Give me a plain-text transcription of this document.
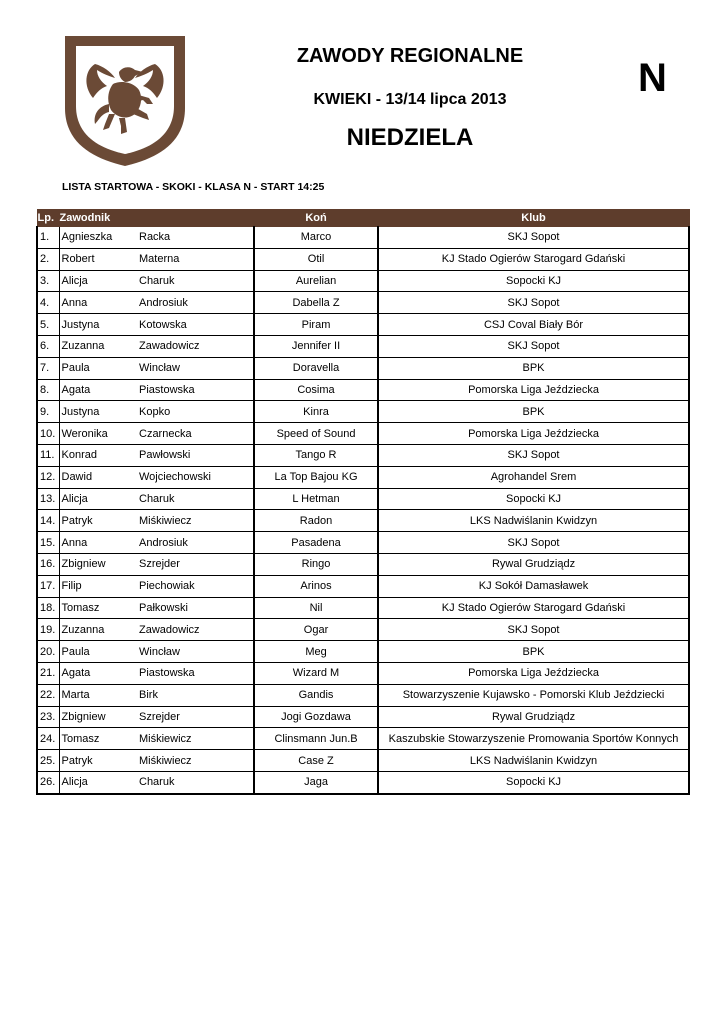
ZAWODY REGIONALNE
KWIEKI - 13/14 lipca 2013
NIEDZIELA
N
LISTA STARTOWA - SKOKI - KLASA N - START 14:25
Lp.	Zawodnik		Koń	Klub
1.	Agnieszka	Racka	Marco	SKJ Sopot
2.	Robert	Materna	Otil	KJ Stado Ogierów Starogard Gdański
3.	Alicja	Charuk	Aurelian	Sopocki KJ
4.	Anna	Androsiuk	Dabella Z	SKJ Sopot
5.	Justyna	Kotowska	Piram	CSJ Coval Biały Bór
6.	Zuzanna	Zawadowicz	Jennifer II	SKJ Sopot
7.	Paula	Wincław	Doravella	BPK
8.	Agata	Piastowska	Cosima	Pomorska Liga Jeździecka
9.	Justyna	Kopko	Kinra	BPK
10.	Weronika	Czarnecka	Speed of Sound	Pomorska Liga Jeździecka
11.	Konrad	Pawłowski	Tango R	SKJ Sopot
12.	Dawid	Wojciechowski	La Top Bajou KG	Agrohandel Srem
13.	Alicja	Charuk	L Hetman	Sopocki KJ
14.	Patryk	Miśkiwiecz	Radon	LKS Nadwiślanin Kwidzyn
15.	Anna	Androsiuk	Pasadena	SKJ Sopot
16.	Zbigniew	Szrejder	Ringo	Rywal Grudziądz
17.	Filip	Piechowiak	Arinos	KJ Sokół Damasławek
18.	Tomasz	Pałkowski	Nil	KJ Stado Ogierów Starogard Gdański
19.	Zuzanna	Zawadowicz	Ogar	SKJ Sopot
20.	Paula	Wincław	Meg	BPK
21.	Agata	Piastowska	Wizard M	Pomorska Liga Jeździecka
22.	Marta	Birk	Gandis	Stowarzyszenie Kujawsko - Pomorski Klub Jeździecki
23.	Zbigniew	Szrejder	Jogi Gozdawa	Rywal Grudziądz
24.	Tomasz	Miśkiewicz	Clinsmann Jun.B	Kaszubskie Stowarzyszenie Promowania Sportów Konnych
25.	Patryk	Miśkiwiecz	Case Z	LKS Nadwiślanin Kwidzyn
26.	Alicja	Charuk	Jaga	Sopocki KJ
